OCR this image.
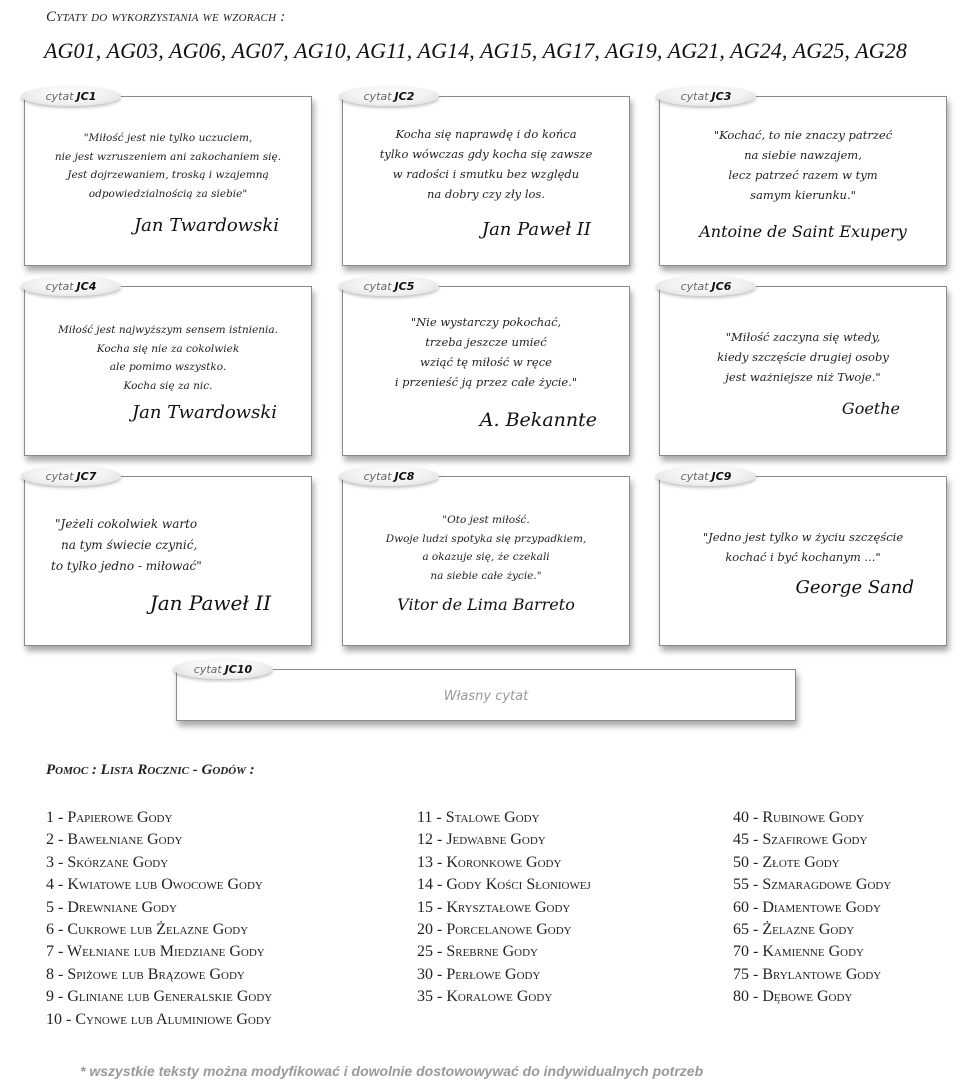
Cytaty do wykorzystania we wzorach :
AG01, AG03, AG06, AG07, AG10, AG11, AG14, AG15, AG17, AG19, AG21, AG24, AG25, AG28
cytat JC1
"Miłość jest nie tylko uczuciem,
nie jest wzruszeniem ani zakochaniem się.
Jest dojrzewaniem, troską i wzajemną
odpowiedzialnością za siebie"
Jan Twardowski
cytat JC2
Kocha się naprawdę i do końca
tylko wówczas gdy kocha się zawsze
w radości i smutku bez względu
na dobry czy zły los.
Jan Paweł II
cytat JC3
"Kochać, to nie znaczy patrzeć
na siebie nawzajem,
lecz patrzeć razem w tym
samym kierunku."
Antoine de Saint Exupery
cytat JC4
Miłość jest najwyższym sensem istnienia.
Kocha się nie za cokolwiek
ale pomimo wszystko.
Kocha się za nic.
Jan Twardowski
cytat JC5
"Nie wystarczy pokochać,
trzeba jeszcze umieć
wziąć tę miłość w ręce
i przenieść ją przez całe życie."
A. Bekannte
cytat JC6
"Miłość zaczyna się wtedy,
kiedy szczęście drugiej osoby
jest ważniejsze niż Twoje."
Goethe
cytat JC7
"Jeżeli cokolwiek warto
na tym świecie czynić,
to tylko jedno - miłować"
Jan Paweł II
cytat JC8
"Oto jest miłość.
Dwoje ludzi spotyka się przypadkiem,
a okazuje się, że czekali
na siebie całe życie."
Vitor de Lima Barreto
cytat JC9
"Jedno jest tylko w życiu szczęście
kochać i być kochanym ..."
George Sand
cytat JC10
Własny cytat
Pomoc : Lista Rocznic - Godów :
1 - Papierowe Gody
2 - Bawełniane Gody
3 - Skórzane Gody
4 - Kwiatowe lub Owocowe Gody
5 - Drewniane Gody
6 - Cukrowe lub Żelazne Gody
7 - Wełniane lub Miedziane Gody
8 - Spiżowe lub Brązowe Gody
9 - Gliniane lub Generalskie Gody
10 - Cynowe lub Aluminiowe Gody
11 - Stalowe Gody
12 - Jedwabne Gody
13 - Koronkowe Gody
14 - Gody Kości Słoniowej
15 - Kryształowe Gody
20 - Porcelanowe Gody
25 - Srebrne Gody
30 - Perłowe Gody
35 - Koralowe Gody
40 - Rubinowe Gody
45 - Szafirowe Gody
50 - Złote Gody
55 - Szmaragdowe Gody
60 - Diamentowe Gody
65 - Żelazne Gody
70 - Kamienne Gody
75 - Brylantowe Gody
80 - Dębowe Gody
* wszystkie teksty można modyfikować i dowolnie dostowowywać do indywidualnych potrzeb
